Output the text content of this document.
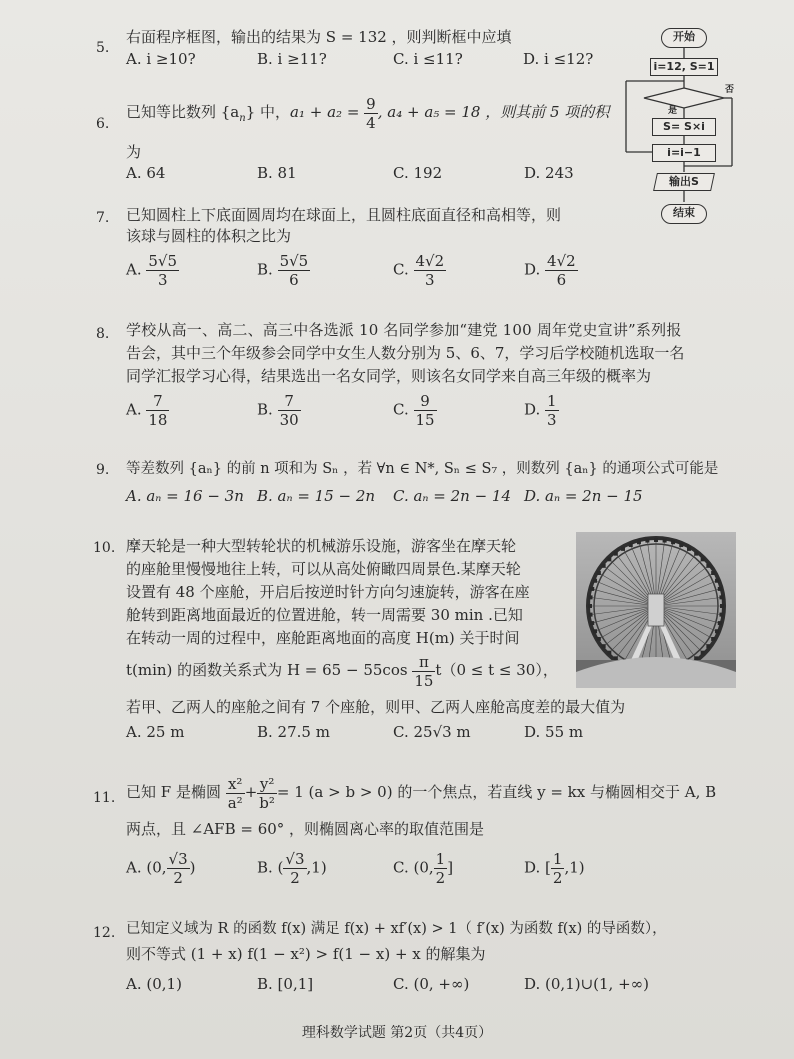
5.
右面程序框图，输出的结果为 S = 132 ，则判断框中应填
A. i ≥10?	B. i ≥11?	C. i ≤11?	D. i ≤12?
开始
i=12, S=1
否
是
S= S×i
i=i−1
输出S
结束
6.
已知等比数列 $\{a_n\}$ 中，$a_1 + a_2 = \frac{9}{4}$ , a₄ + a₅ = 18 ，则其前 5 项的积
为
A. 64	B. 81	C. 192	D. 243
7. 已知圆柱上下底面圆周均在球面上，且圆柱底面直径和高相等，则
该球与圆柱的体积之比为
A. $\frac{5√5}{3}$	B. $\frac{5√5}{6}$	C. $\frac{4√2}{3}$	D. $\frac{4√2}{6}$
8. 学校从高一、高二、高三中各选派 10 名同学参加“建党 100 周年党史宣讲”系列报
告会，其中三个年级参会同学中女生人数分别为 5、6、7，学习后学校随机选取一名
同学汇报学习心得，结果选出一名女同学，则该名女同学来自高三年级的概率为
A. $\frac{7}{18}$	B. $\frac{7}{30}$	C. $\frac{9}{15}$	D. $\frac{1}{3}$
9. 等差数列 {aₙ} 的前 n 项和为 Sₙ ，若 ∀n ∈ N*, Sₙ ≤ S₇ ，则数列 {aₙ} 的通项公式可能是
A. aₙ = 16 − 3n B. aₙ = 15 − 2n C. aₙ = 2n − 14 D. aₙ = 2n − 15
10. 摩天轮是一种大型转轮状的机械游乐设施，游客坐在摩天轮
的座舱里慢慢地往上转，可以从高处俯瞰四周景色.某摩天轮
设置有 48 个座舱，开启后按逆时针方向匀速旋转，游客在座
舱转到距离地面最近的位置进舱，转一周需要 30 min .已知
在转动一周的过程中，座舱距离地面的高度 H(m) 关于时间
t(min) 的函数关系式为 $H = 65 - 55\cos \frac{\pi}{15} t(0 \le t \le 30)$，
若甲、乙两人的座舱之间有 7 个座舱，则甲、乙两人座舱高度差的最大值为
A. 25 m	B. 27.5 m	C. 25√3 m	D. 55 m
11. 已知 F 是椭圆 $\frac{\text{x²}}{\text{a²}} + \frac{\text{y²}}{\text{b²}} = 1$ (a > b > 0) 的一个焦点，若直线 y = kx 与椭圆相交于 A, B
两点，且 ∠AFB = 60° ，则椭圆离心率的取值范围是
A. (0, $\frac{√3}{2}$ )	B. ( $\frac{√3}{2} ,1$)	C. (0, $\frac{1}{2}$ ]	D. [ $\frac{1}{2} ,1$)
12. 已知定义域为 R 的函数 f(x) 满足 f(x) + xf′(x) > 1（ f′(x) 为函数 f(x) 的导函数），
则不等式 (1 + x) f(1 − x²) > f(1 − x) + x 的解集为
A. (0,1)	B. [0,1]	C. (0, +∞)	D. (0,1)∪(1, +∞)
理科数学试题 第2页（共4页）
